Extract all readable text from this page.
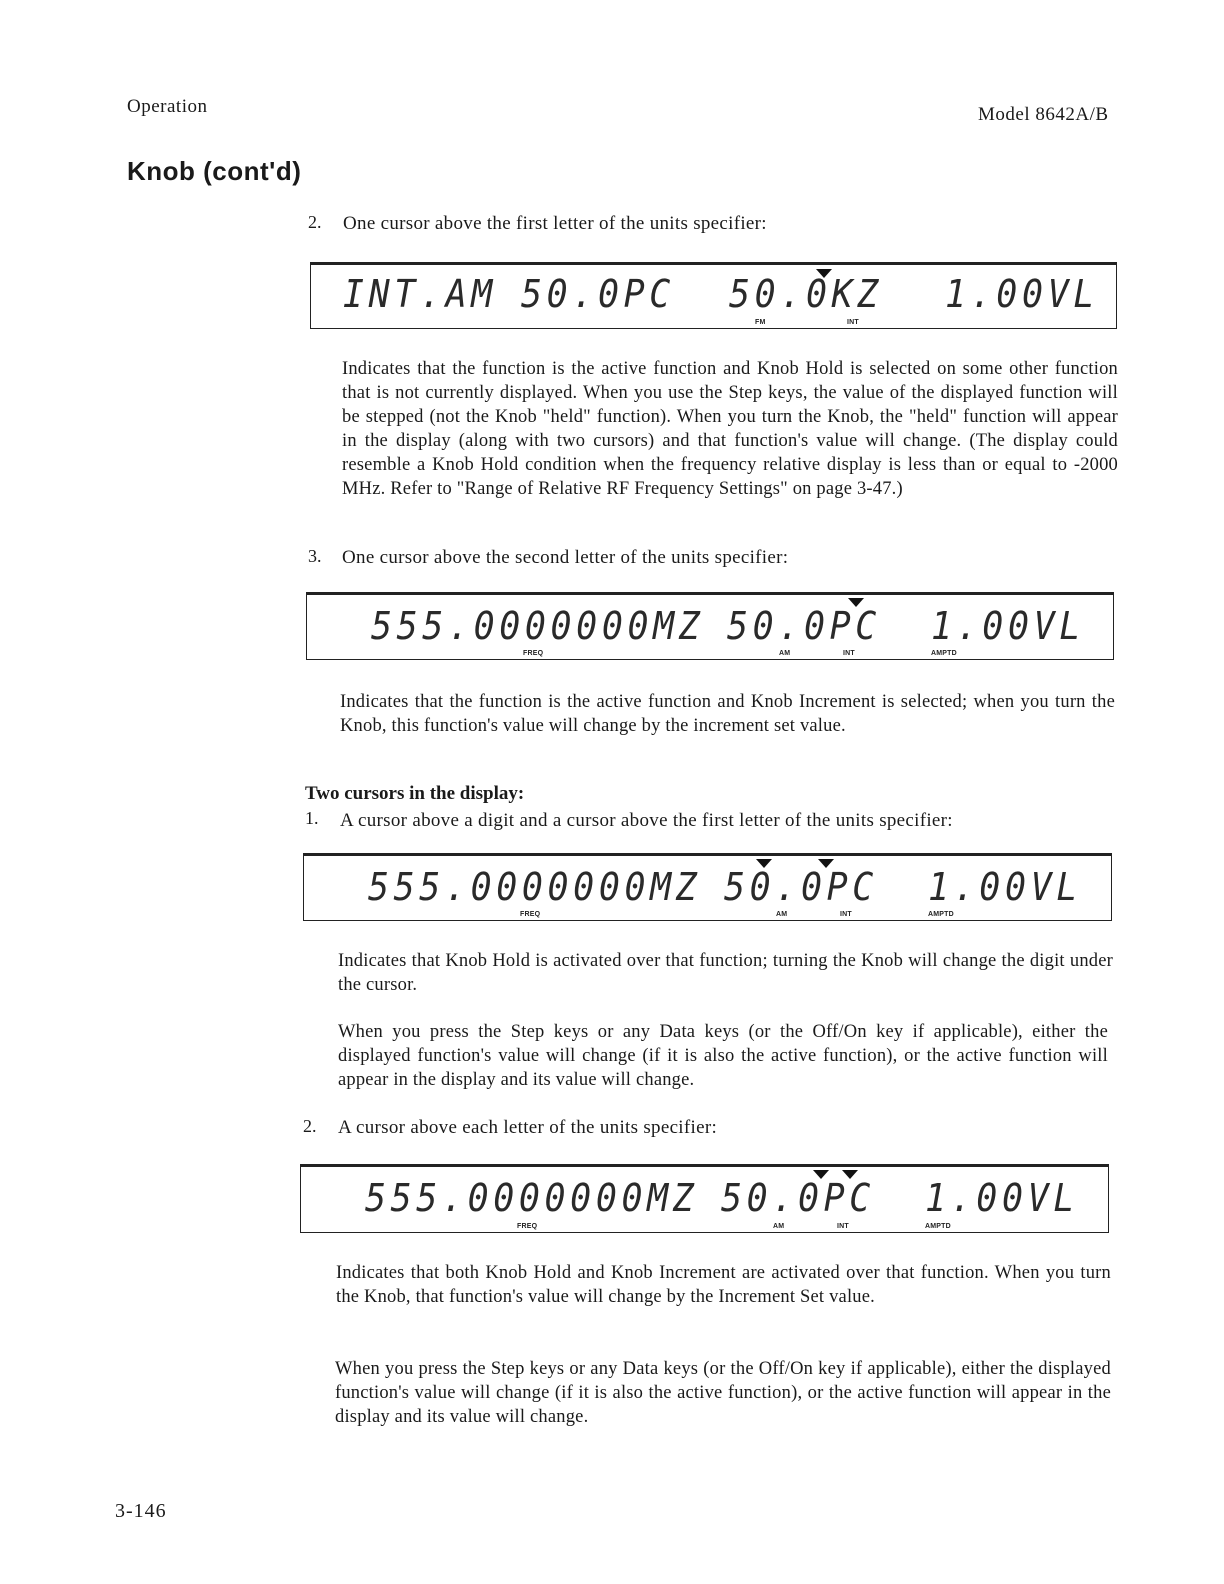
Operation	Model 8642A/B
Knob (cont'd)
2. One cursor above the first letter of the units specifier:
INT.AM 50.0PC 50.0KZ 1.00VL
FM	INT
Indicates that the function is the active function and Knob Hold is selected on some other function that is not currently displayed. When you use the Step keys, the value of the displayed function will be stepped (not the Knob "held" function). When you turn the Knob, the "held" function will appear in the display (along with two cursors) and that function's value will change. (The display could resemble a Knob Hold condition when the frequency relative display is less than or equal to -2000 MHz. Refer to "Range of Relative RF Frequency Settings" on page 3-47.)
3. One cursor above the second letter of the units specifier:
555.0000000MZ 50.0PC 1.00VL
FREQ	AM	INT	AMPTD
Indicates that the function is the active function and Knob Increment is selected; when you turn the Knob, this function's value will change by the increment set value.
Two cursors in the display:
1. A cursor above a digit and a cursor above the first letter of the units specifier:
555.0000000MZ 50.0PC 1.00VL
FREQ	AM	INT	AMPTD
Indicates that Knob Hold is activated over that function; turning the Knob will change the digit under the cursor.
When you press the Step keys or any Data keys (or the Off/On key if applicable), either the displayed function's value will change (if it is also the active function), or the active function will appear in the display and its value will change.
2. A cursor above each letter of the units specifier:
555.0000000MZ 50.0PC 1.00VL
FREQ	AM	INT	AMPTD
Indicates that both Knob Hold and Knob Increment are activated over that function. When you turn the Knob, that function's value will change by the Increment Set value.
When you press the Step keys or any Data keys (or the Off/On key if applicable), either the displayed function's value will change (if it is also the active function), or the active function will appear in the display and its value will change.
3-146
